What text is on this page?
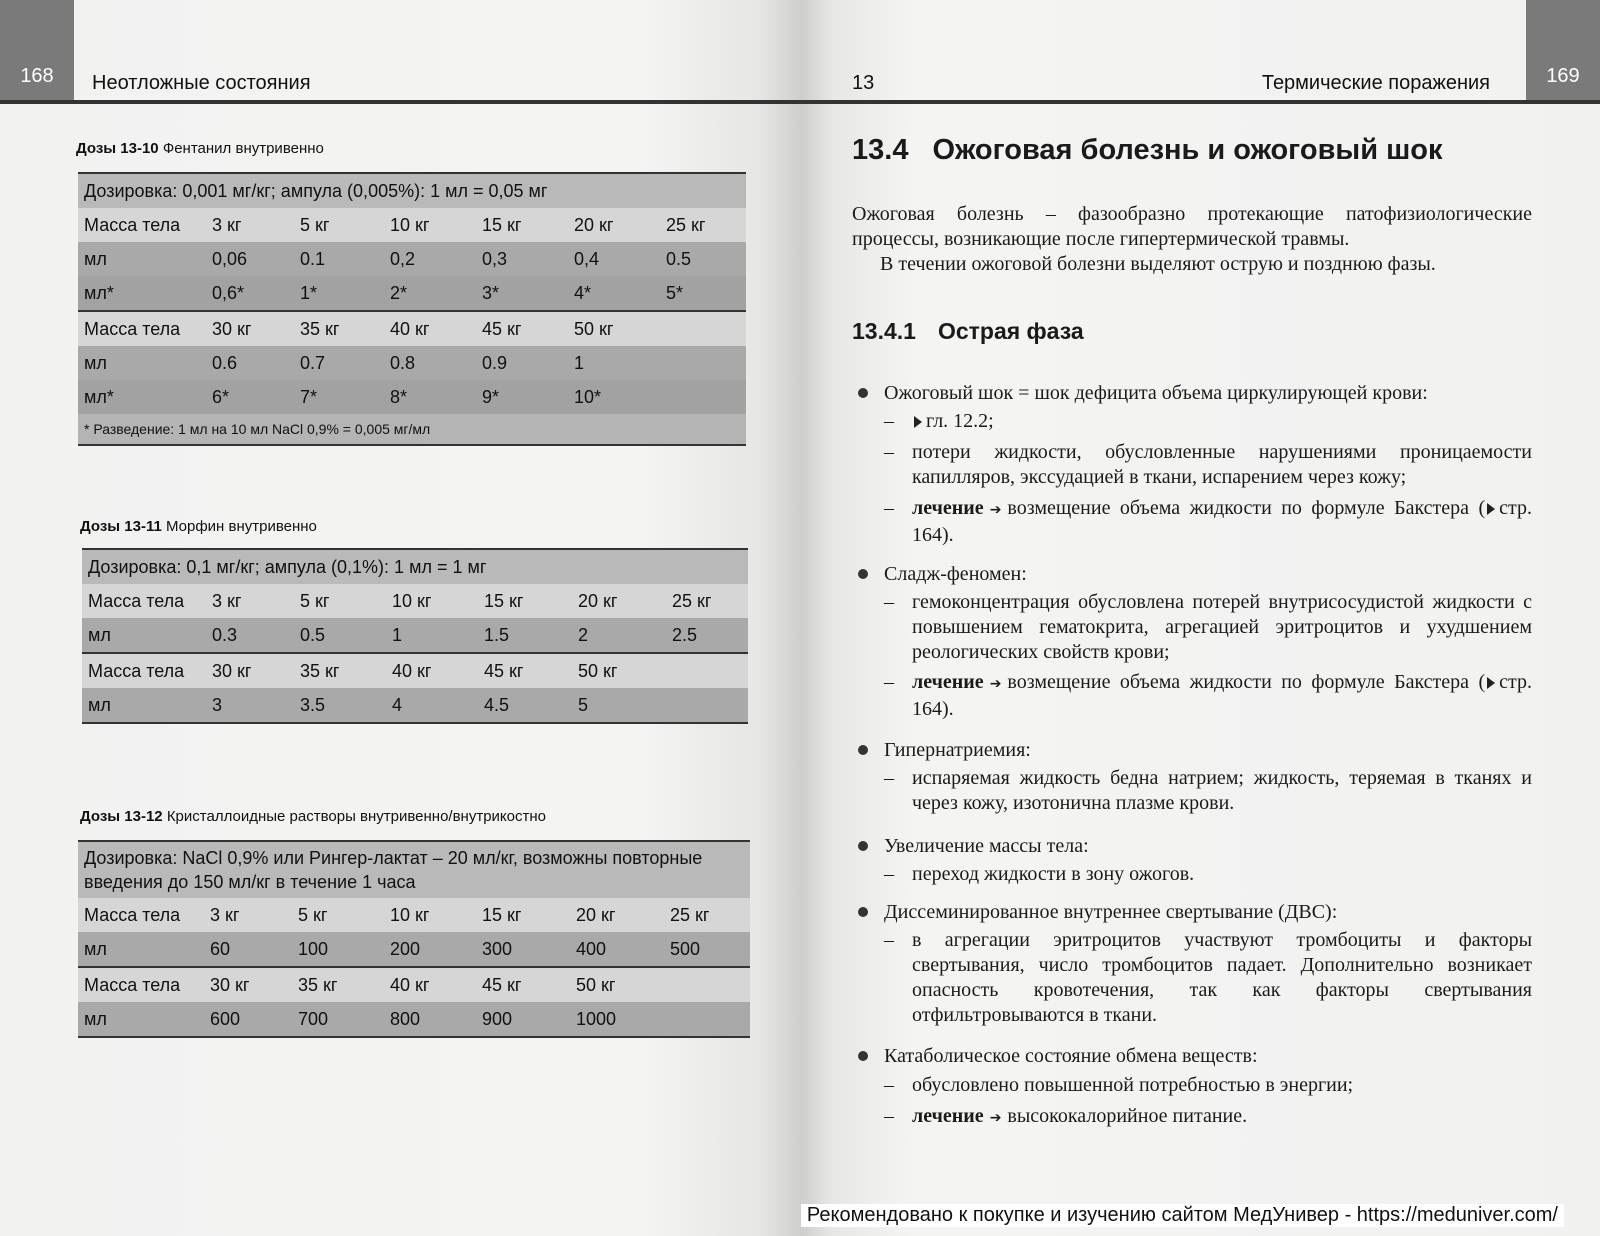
168	Неотложные состояния
Дозы 13-10 Фентанил внутривенно
Дозировка: 0,001 мг/кг; ампула (0,005%): 1 мл = 0,05 мг						
Масса тела	3 кг	5 кг	10 кг	15 кг	20 кг	25 кг
мл	0,06	0.1	0,2	0,3	0,4	0.5
мл*	0,6*	1*	2*	3*	4*	5*
Масса тела	30 кг	35 кг	40 кг	45 кг	50 кг	
мл	0.6	0.7	0.8	0.9	1	
мл*	6*	7*	8*	9*	10*	
* Разведение: 1 мл на 10 мл NaCl 0,9% = 0,005 мг/мл						
Дозы 13-11 Морфин внутривенно
Дозировка: 0,1 мг/кг; ампула (0,1%): 1 мл = 1 мг						
Масса тела	3 кг	5 кг	10 кг	15 кг	20 кг	25 кг
мл	0.3	0.5	1	1.5	2	2.5
Масса тела	30 кг	35 кг	40 кг	45 кг	50 кг	
мл	3	3.5	4	4.5	5	
Дозы 13-12 Кристаллоидные растворы внутривенно/внутрикостно
Дозировка: NaCl 0,9% или Рингер-лактат – 20 мл/кг, возможны повторные введения до 150 мл/кг в течение 1 часа						
Масса тела	3 кг	5 кг	10 кг	15 кг	20 кг	25 кг
мл	60	100	200	300	400	500
Масса тела	30 кг	35 кг	40 кг	45 кг	50 кг	
мл	600	700	800	900	1000	
13	Термические поражения	169
13.4 Ожоговая болезнь и ожоговый шок
Ожоговая болезнь – фазообразно протекающие патофизиологические процессы, возникающие после гипертермической травмы.
В течении ожоговой болезни выделяют острую и позднюю фазы.
13.4.1 Острая фаза
Ожоговый шок = шок дефицита объема циркулирующей крови:
–	гл. 12.2;
– потери жидкости, обусловленные нарушениями проницаемости капилляров, экссудацией в ткани, испарением через кожу;
– лечение ➔ возмещение объема жидкости по формуле Бакстера ( стр. 164).
Сладж-феномен:
– гемоконцентрация обусловлена потерей внутрисосудистой жидкости с повышением гематокрита, агрегацией эритроцитов и ухудшением реологических свойств крови;
– лечение ➔ возмещение объема жидкости по формуле Бакстера ( стр. 164).
Гипернатриемия:
– испаряемая жидкость бедна натрием; жидкость, теряемая в тканях и через кожу, изотонична плазме крови.
Увеличение массы тела:
– переход жидкости в зону ожогов.
Диссеминированное внутреннее свертывание (ДВС):
– в агрегации эритроцитов участвуют тромбоциты и факторы свертывания, число тромбоцитов падает. Дополнительно возникает опасность кровотечения, так как факторы свертывания отфильтровываются в ткани.
Катаболическое состояние обмена веществ:
– обусловлено повышенной потребностью в энергии;
– лечение ➔ высококалорийное питание.
Рекомендовано к покупке и изучению сайтом МедУнивер - https://meduniver.com/
